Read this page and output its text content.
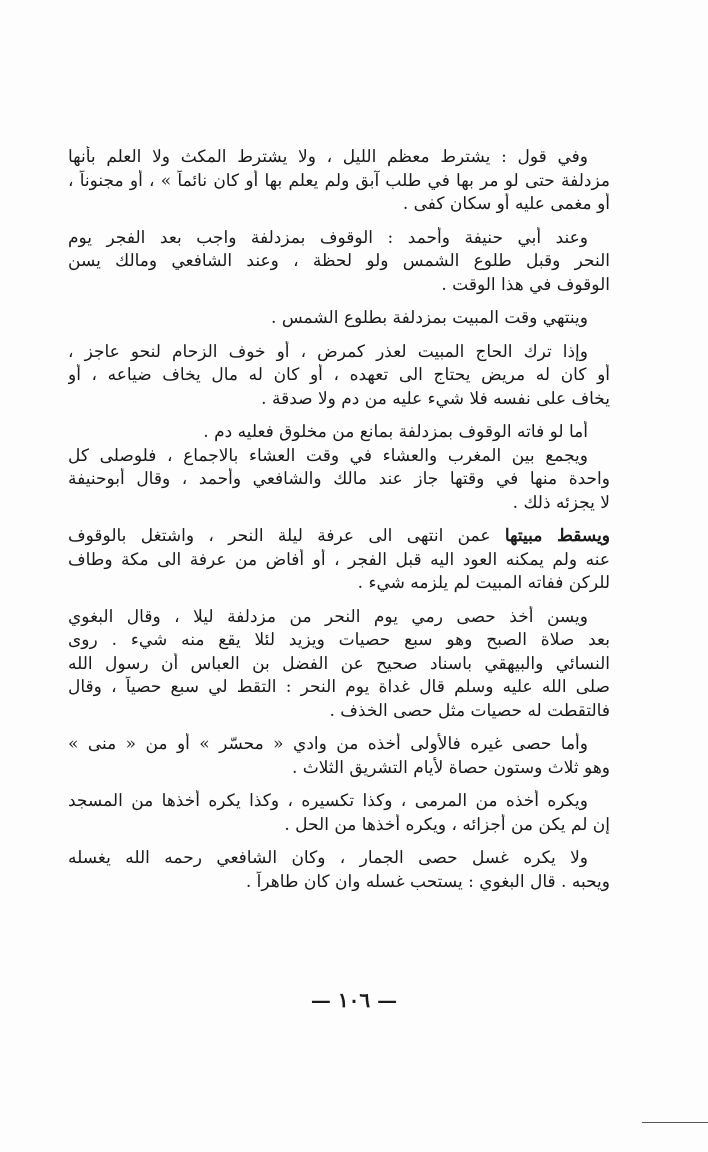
وفي قول : يشترط معظم الليل ، ولا يشترط المكث ولا العلم بأنها
مزدلفة حتى لو مر بها في طلب آبق ولم يعلم بها أو كان نائماً » ، أو مجنوناً ،
أو مغمى عليه أو سكان كفى .
وعند أبي حنيفة وأحمد : الوقوف بمزدلفة واجب بعد الفجر يوم
النحر وقبل طلوع الشمس ولو لحظة ، وعند الشافعي ومالك يسن
الوقوف في هذا الوقت .
وينتهي وقت المبيت بمزدلفة بطلوع الشمس .
وإذا ترك الحاج المبيت لعذر كمرض ، أو خوف الزحام لنحو عاجز ،
أو كان له مريض يحتاج الى تعهده ، أو كان له مال يخاف ضياعه ، أو
يخاف على نفسه فلا شيء عليه من دم ولا صدقة .
أما لو فاته الوقوف بمزدلفة بمانع من مخلوق فعليه دم .
ويجمع بين المغرب والعشاء في وقت العشاء بالاجماع ، فلوصلى كل
واحدة منها في وقتها جاز عند مالك والشافعي وأحمد ، وقال أبوحنيفة
لا يجزئه ذلك .
ويسقط مبيتها عمن انتهى الى عرفة ليلة النحر ، واشتغل بالوقوف
عنه ولم يمكنه العود اليه قبل الفجر ، أو أفاض من عرفة الى مكة وطاف
للركن ففاته المبيت لم يلزمه شيء .
ويسن أخذ حصى رمي يوم النحر من مزدلفة ليلا ، وقال البغوي
بعد صلاة الصبح وهو سبع حصيات ويزيد لئلا يقع منه شيء . روى
النسائي والبيهقي باسناد صحيح عن الفضل بن العباس أن رسول الله
صلى الله عليه وسلم قال غداة يوم النحر : التقط لي سبع حصياً ، وقال
فالتقطت له حصيات مثل حصى الخذف .
وأما حصى غيره فالأولى أخذه من وادي « محسّر » أو من « منى »
وهو ثلاث وستون حصاة لأيام التشريق الثلاث .
ويكره أخذه من المرمى ، وكذا تكسيره ، وكذا يكره أخذها من المسجد
إن لم يكن من أجزائه ، ويكره أخذها من الحل .
ولا يكره غسل حصى الجمار ، وكان الشافعي رحمه الله يغسله
ويحبه . قال البغوي : يستحب غسله وان كان طاهراً .
— ١٠٦ —
